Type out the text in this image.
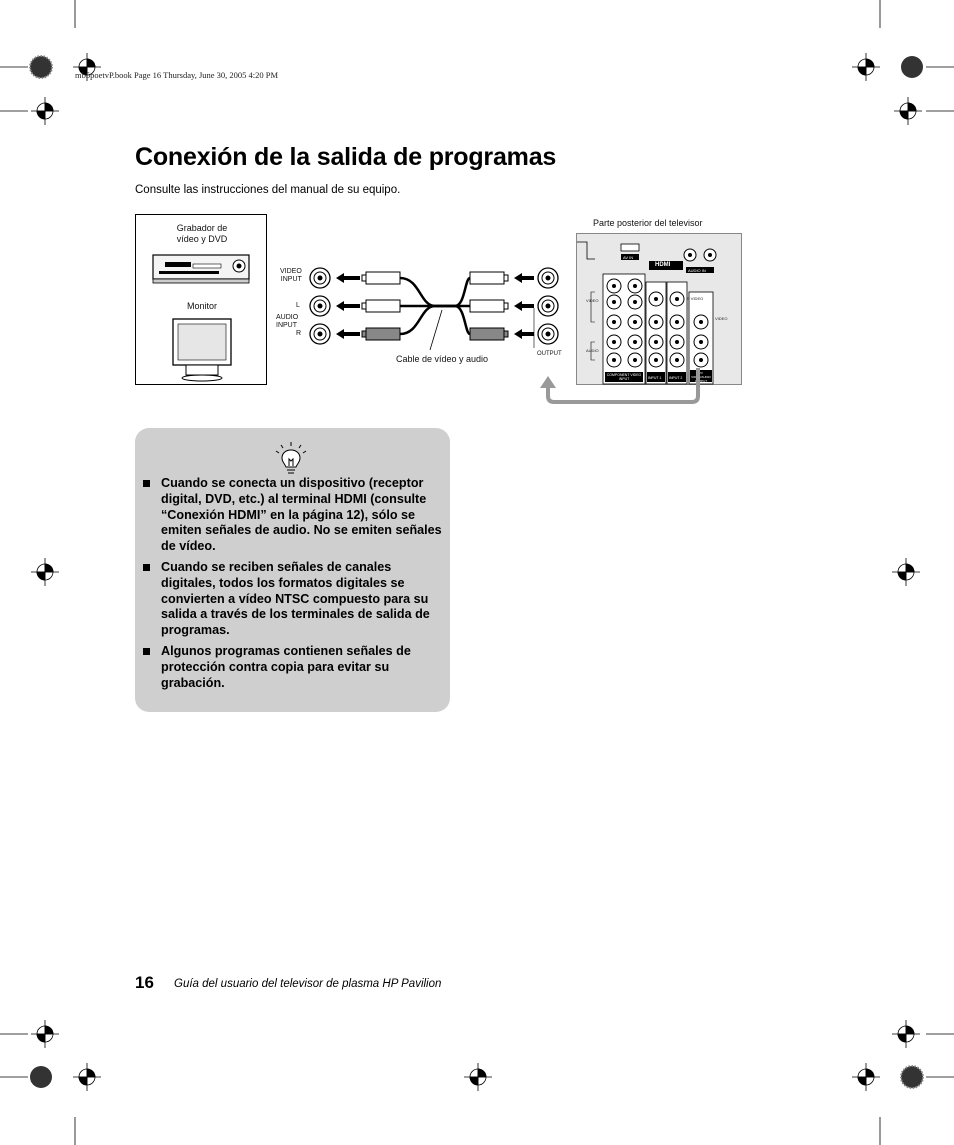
mb5poetvP.book Page 16 Thursday, June 30, 2005 4:20 PM
Conexión de la salida de programas
Consulte las instrucciones del manual de su equipo.
Grabador de
vídeo y DVD
Monitor
VIDEO
INPUT
L
AUDIO
INPUT
R
Cable de vídeo y audio	OUTPUT
Parte posterior del televisor
AV IN
HDMI
AUDIO IN
VIDEO
AUDIO
S VIDEO
VIDEO
COMPONENT VIDEO
INPUT	INPUT 1 INPUT 2
TV VIDEO/AUDIO
OUTPUT
Cuando se conecta un dispositivo (receptor digital, DVD, etc.) al terminal HDMI (consulte “Conexión HDMI” en la página 12), sólo se emiten señales de audio. No se emiten señales de vídeo.
Cuando se reciben señales de canales digitales, todos los formatos digitales se convierten a vídeo NTSC compuesto para su salida a través de los terminales de salida de programas.
Algunos programas contienen señales de protección contra copia para evitar su grabación.
16 Guía del usuario del televisor de plasma HP Pavilion
